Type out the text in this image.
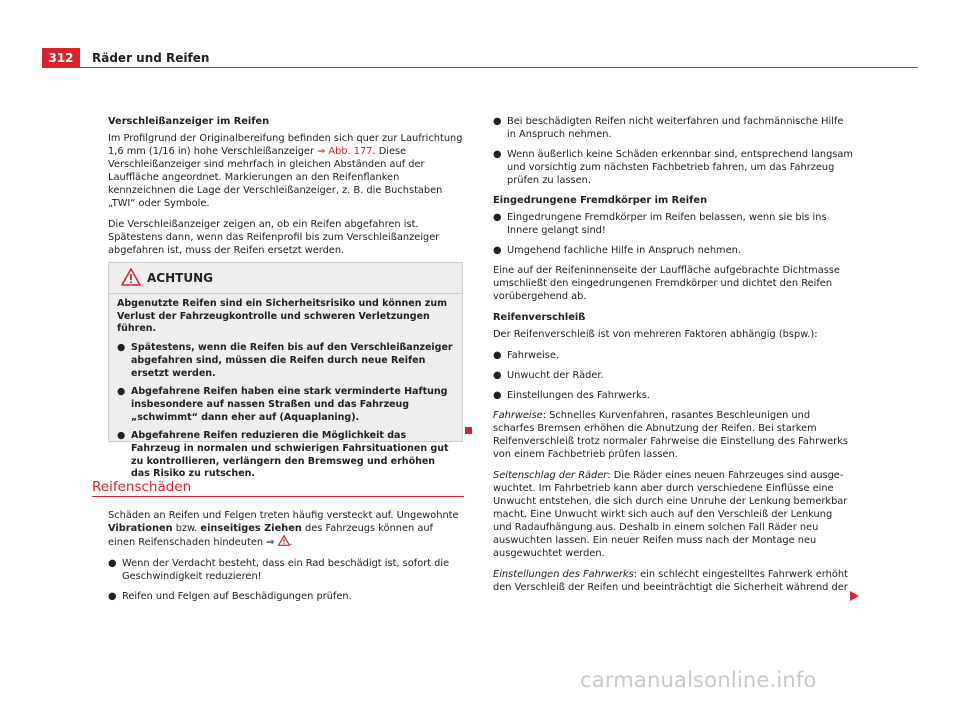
312	Räder und Reifen

Verschleißanzeiger im Reifen

Im Profilgrund der Originalbereifung befinden sich quer zur Laufrichtung 1,6 mm (1/16 in) hohe Verschleißanzeiger ⇒ Abb. 177. Diese Verschleißanzeiger sind mehrfach in gleichen Abständen auf der Lauffläche angeordnet. Markierungen an den Reifenflanken kennzeichnen die Lage der Verschleißanzeiger, z. B. die Buchstaben „TWI“ oder Symbole.

Die Verschleißanzeiger zeigen an, ob ein Reifen abgefahren ist. Spätestens dann, wenn das Reifenprofil bis zum Verschleißanzeiger abgefahren ist, muss der Reifen ersetzt werden.

ACHTUNG

Abgenutzte Reifen sind ein Sicherheitsrisiko und können zum Verlust der Fahrzeugkontrolle und schweren Verletzungen führen.

● Spätestens, wenn die Reifen bis auf den Verschleißanzeiger abgefahren sind, müssen die Reifen durch neue Reifen ersetzt werden.

● Abgefahrene Reifen haben eine stark verminderte Haftung insbesondere auf nassen Straßen und das Fahrzeug „schwimmt“ dann eher auf (Aquaplaning).

● Abgefahrene Reifen reduzieren die Möglichkeit das Fahrzeug in normalen und schwierigen Fahrsituationen gut zu kontrollieren, verlängern den Bremsweg und erhöhen das Risiko zu rutschen.

Reifenschäden

Schäden an Reifen und Felgen treten häufig versteckt auf. Ungewohnte Vibrationen bzw. einseitiges Ziehen des Fahrzeugs können auf einen Reifenschaden hindeuten ⇒ .

● Wenn der Verdacht besteht, dass ein Rad beschädigt ist, sofort die Geschwindigkeit reduzieren!

● Reifen und Felgen auf Beschädigungen prüfen.

● Bei beschädigten Reifen nicht weiterfahren und fachmännische Hilfe in Anspruch nehmen.

● Wenn äußerlich keine Schäden erkennbar sind, entsprechend langsam und vorsichtig zum nächsten Fachbetrieb fahren, um das Fahrzeug prüfen zu lassen.

Eingedrungene Fremdkörper im Reifen

● Eingedrungene Fremdkörper im Reifen belassen, wenn sie bis ins Innere gelangt sind!

● Umgehend fachliche Hilfe in Anspruch nehmen.

Eine auf der Reifeninnenseite der Lauffläche aufgebrachte Dichtmasse umschließt den eingedrungenen Fremdkörper und dichtet den Reifen vorübergehend ab.

Reifenverschleiß

Der Reifenverschleiß ist von mehreren Faktoren abhängig (bspw.):

● Fahrweise.

● Unwucht der Räder.

● Einstellungen des Fahrwerks.

Fahrweise: Schnelles Kurvenfahren, rasantes Beschleunigen und scharfes Bremsen erhöhen die Abnutzung der Reifen. Bei starkem Reifenverschleiß trotz normaler Fahrweise die Einstellung des Fahrwerks von einem Fachbetrieb prüfen lassen.

Seitenschlag der Räder: Die Räder eines neuen Fahrzeuges sind ausgewuchtet. Im Fahrbetrieb kann aber durch verschiedene Einflüsse eine Unwucht entstehen, die sich durch eine Unruhe der Lenkung bemerkbar macht. Eine Unwucht wirkt sich auch auf den Verschleiß der Lenkung und Radaufhängung aus. Deshalb in einem solchen Fall Räder neu auswuchten lassen. Ein neuer Reifen muss nach der Montage neu ausgewuchtet werden.

Einstellungen des Fahrwerks: ein schlecht eingestelltes Fahrwerk erhöht den Verschleiß der Reifen und beeinträchtigt die Sicherheit während der

carmanualsonline.info
